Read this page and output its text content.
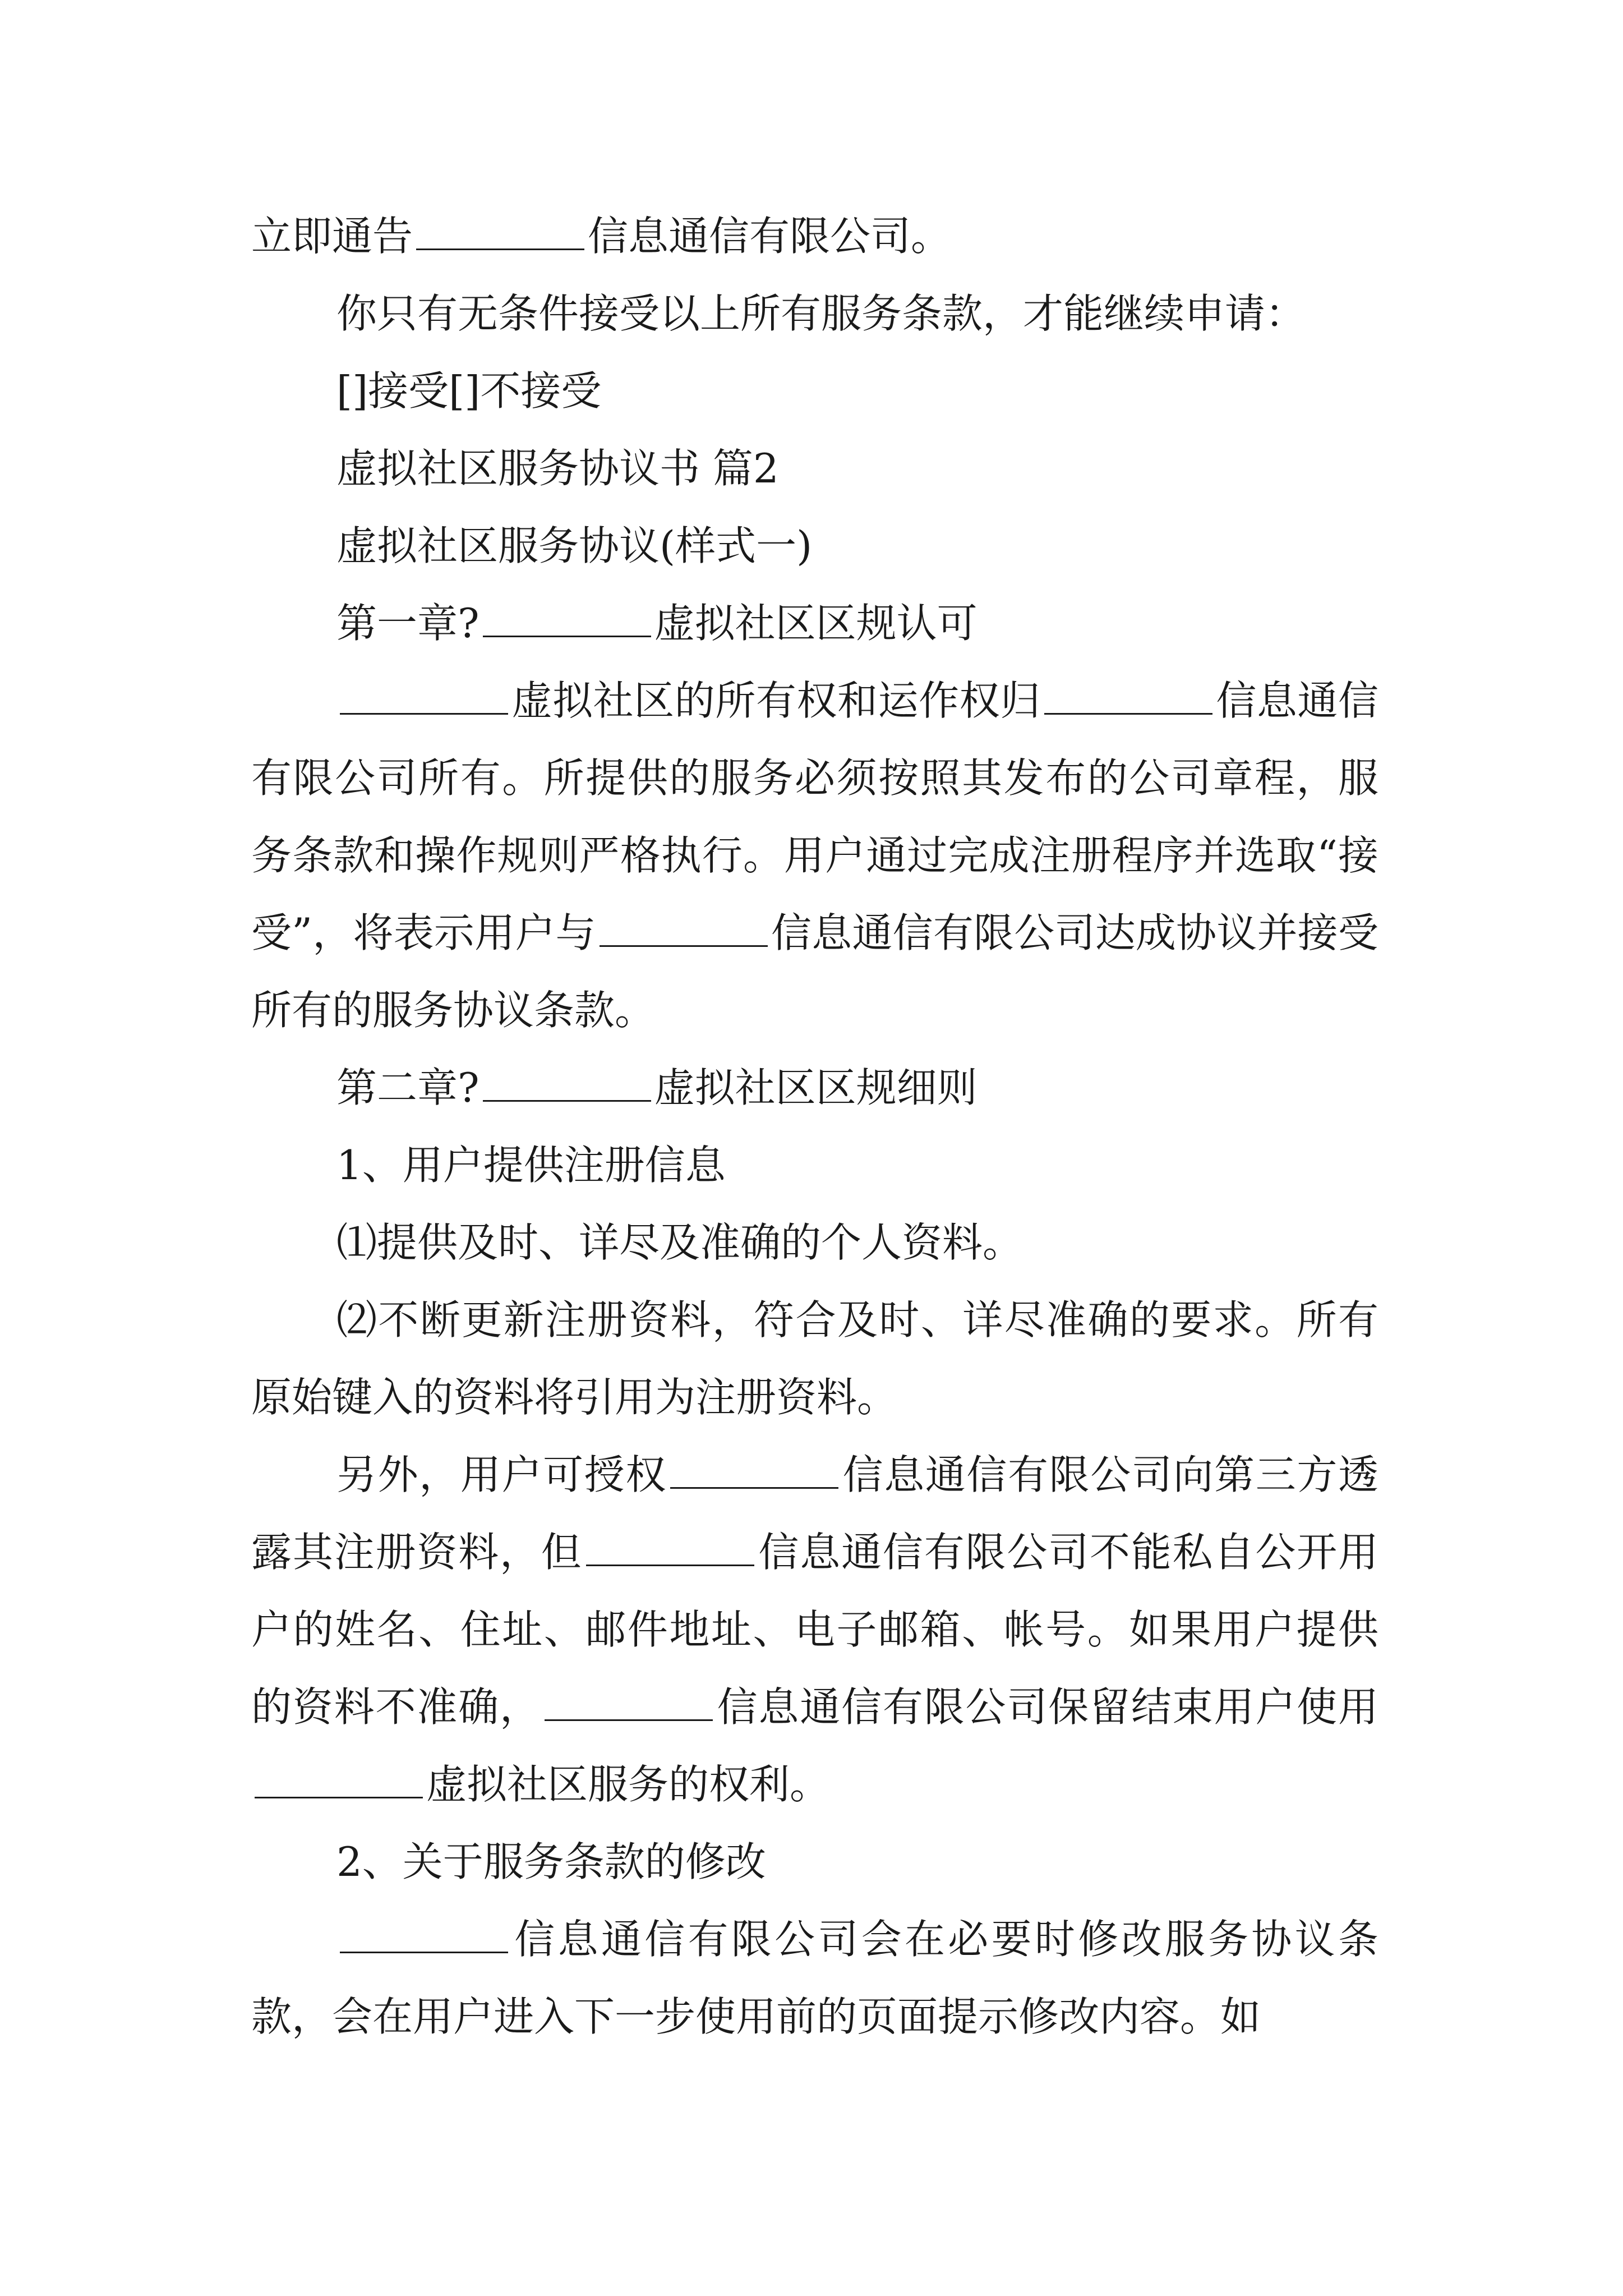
立即通告	信息通信有限公司。

你只有无条件接受以上所有服务条款，才能继续申请：

[]接受[]不接受

虚拟社区服务协议书 篇2

虚拟社区服务协议(样式一)

第一章?	虚拟社区区规认可

虚拟社区的所有权和运作权归	信息通信有限公司所有。所提供的服务必须按照其发布的公司章程，服务条款和操作规则严格执行。用户通过完成注册程序并选取“接受”，将表示用户与	信息通信有限公司达成协议并接受所有的服务协议条款。

第二章?	虚拟社区区规细则

1、用户提供注册信息

⑴提供及时、详尽及准确的个人资料。

⑵不断更新注册资料，符合及时、详尽准确的要求。所有原始键入的资料将引用为注册资料。

另外，用户可授权	信息通信有限公司向第三方透露其注册资料，但	信息通信有限公司不能私自公开用户的姓名、住址、邮件地址、电子邮箱、帐号。如果用户提供的资料不准确，	信息通信有限公司保留结束用户使用虚拟社区服务的权利。

2、关于服务条款的修改

信息通信有限公司会在必要时修改服务协议条款，会在用户进入下一步使用前的页面提示修改内容。如
